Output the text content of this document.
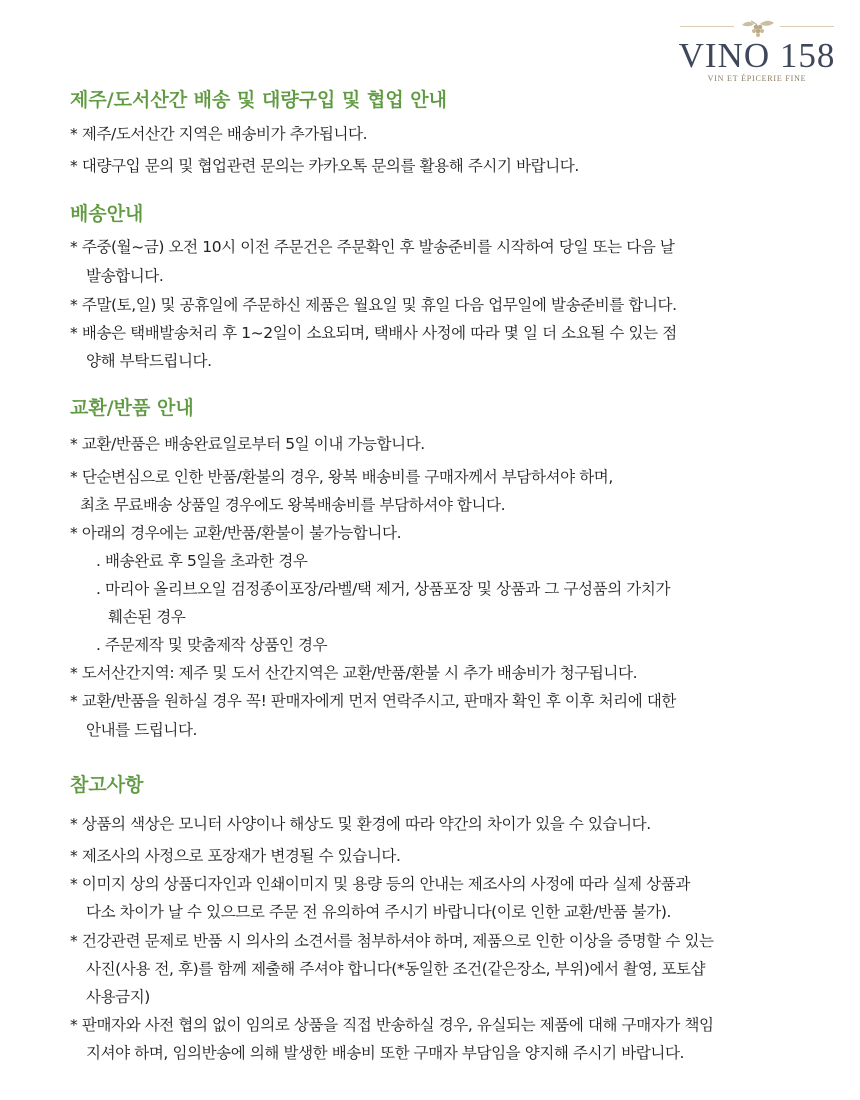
VINO 158
VIN ET ÉPICERIE FINE
제주/도서산간 배송 및 대량구입 및 협업 안내
* 제주/도서산간 지역은 배송비가 추가됩니다.
* 대량구입 문의 및 협업관련 문의는 카카오톡 문의를 활용해 주시기 바랍니다.
배송안내
* 주중(월~금) 오전 10시 이전 주문건은 주문확인 후 발송준비를 시작하여 당일 또는 다음 날
발송합니다.
* 주말(토,일) 및 공휴일에 주문하신 제품은 월요일 및 휴일 다음 업무일에 발송준비를 합니다.
* 배송은 택배발송처리 후 1~2일이 소요되며, 택배사 사정에 따라 몇 일 더 소요될 수 있는 점
양해 부탁드립니다.
교환/반품 안내
* 교환/반품은 배송완료일로부터 5일 이내 가능합니다.
* 단순변심으로 인한 반품/환불의 경우, 왕복 배송비를 구매자께서 부담하셔야 하며,
최초 무료배송 상품일 경우에도 왕복배송비를 부담하셔야 합니다.
* 아래의 경우에는 교환/반품/환불이 불가능합니다.
. 배송완료 후 5일을 초과한 경우
. 마리아 올리브오일 검정종이포장/라벨/택 제거, 상품포장 및 상품과 그 구성품의 가치가
훼손된 경우
. 주문제작 및 맞춤제작 상품인 경우
* 도서산간지역: 제주 및 도서 산간지역은 교환/반품/환불 시 추가 배송비가 청구됩니다.
* 교환/반품을 원하실 경우 꼭! 판매자에게 먼저 연락주시고, 판매자 확인 후 이후 처리에 대한
안내를 드립니다.
참고사항
* 상품의 색상은 모니터 사양이나 해상도 및 환경에 따라 약간의 차이가 있을 수 있습니다.
* 제조사의 사정으로 포장재가 변경될 수 있습니다.
* 이미지 상의 상품디자인과 인쇄이미지 및 용량 등의 안내는 제조사의 사정에 따라 실제 상품과
다소 차이가 날 수 있으므로 주문 전 유의하여 주시기 바랍니다(이로 인한 교환/반품 불가).
* 건강관련 문제로 반품 시 의사의 소견서를 첨부하셔야 하며, 제품으로 인한 이상을 증명할 수 있는
사진(사용 전, 후)를 함께 제출해 주셔야 합니다(*동일한 조건(같은장소, 부위)에서 촬영, 포토샵
사용금지)
* 판매자와 사전 협의 없이 임의로 상품을 직접 반송하실 경우, 유실되는 제품에 대해 구매자가 책임
지셔야 하며, 임의반송에 의해 발생한 배송비 또한 구매자 부담임을 양지해 주시기 바랍니다.
